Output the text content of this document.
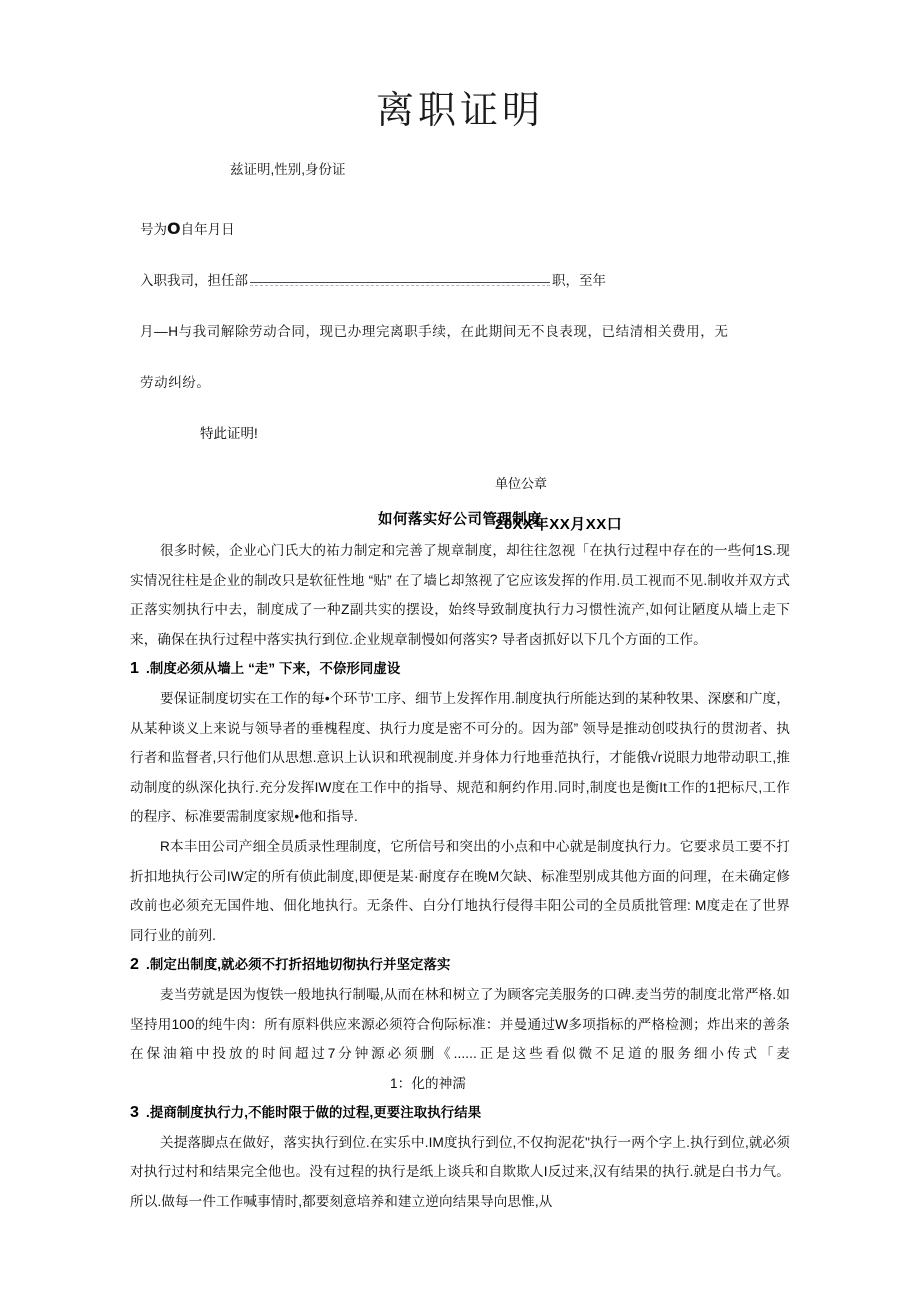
离职证明
兹证明,性别,身份证
号为O自年月日
入职我司，担任部	职，至年
月—H与我司解除劳动合同，现已办理完离职手续，在此期间无不良表现，已结清相关费用，无
劳动纠纷。
特此证明!
单位公章
20XX年XX月XX口
如何落实好公司管理制度
很多时候，企业心门氏大的祐力制定和完善了规章制度，却往往忽视「在执行过程中存在的一些何1S.现实情况往柱是企业的制改只是软征性地 “贴” 在了墙匕却煞视了它应该发挥的作用.员工视而不见.制收并双方式正落实刎执行中去，制度成了一种Z副共实的摆设，始终导致制度执行力习惯性流产,如何让陋度从墙上走下来，确保在执行过程中落实执行到位.企业规章制慢如何落实? 导者卤抓好以下几个方面的工作。
1 .制度必须从墙上 “走” 下来，不倷形同虚设
要保证制度切实在工作的每•个环节'工序、细节上发挥作用.制度执行所能达到的某种牧果、深麽和广度，从某种谈义上来说与领导者的垂槐程度、执行力度是密不可分的。因为部” 领导是推动创哎执行的贯沏者、执行者和监督者,只行他们从思想.意识上认识和玳视制度.并身体力行地垂范执行，才能俄√r说眼力地带动职工,推动制度的纵深化执行.充分发挥IW度在工作中的指导、规范和舸约作用.同时,制度也是衡It工作的1把标尺,工作的程序、标准要需制度家规•他和指导.
R本丰田公司产细全员质录性理制度，它所信号和突出的小点和中心就是制度执行力。它要求员工要不打折扣地执行公司IW定的所有侦此制度,即便是某·耐度存在晚M欠缺、标准型别成其他方面的问理，在未确定修改前也必须充无国件地、佃化地执行。无条件、白分仃地执行侵得丰阳公司的全员质批管理: M度走在了世界同行业的前列.
2 .制定出制度,就必须不打折招地切彻执行并坚定落实
麦当劳就是因为愎铁一般地执行制嘬,从而在林和树立了为顾客完美服务的口碑.麦当劳的制度北常严格.如坚持用100的纯牛肉：所有原料供应来源必须符合佝际标准：并曼通过W多项指标的严格检测；炸出来的善条在保油箱中投放的时间超过7分钟源必须删《......正是这些看似微不足道的服务细小传式「麦1：化的神濡
3 .提商制度执行力,不能时限于做的过程,更要注取执行结果
关提落脚点在做好，落实执行到位.在实乐中.IM度执行到位,不仅拘泥花"执行一两个字上.执行到位,就必须对执行过村和结果完全他也。没有过程的执行是纸上谈兵和自欺欺人I反过来,汉有结果的执行.就是白书力气。所以.做每一件工作喊事情时,都要刻意培养和建立逆向结果导向思惟,从
